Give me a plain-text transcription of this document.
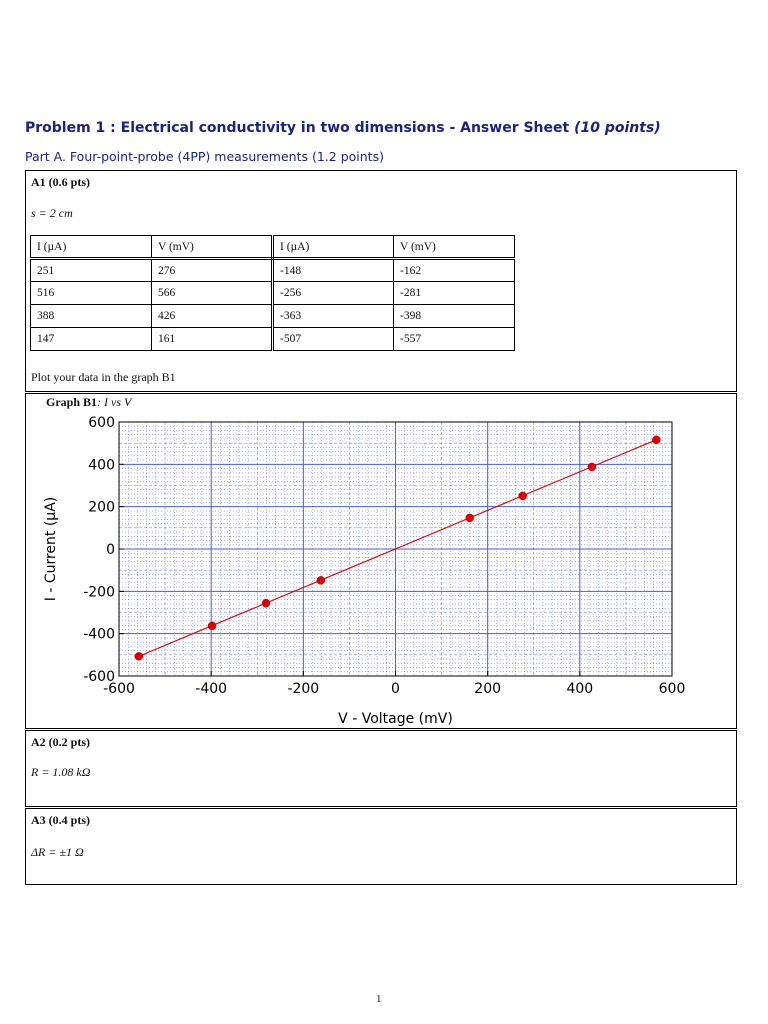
Problem 1 : Electrical conductivity in two dimensions - Answer Sheet (10 points)
Part A. Four-point-probe (4PP) measurements (1.2 points)
A1 (0.6 pts)
s = 2 cm
I (µA)	V (mV)	I (µA)	V (mV)
251	276	-148	-162
516	566	-256	-281
388	426	-363	-398
147	161	-507	-557
Plot your data in the graph B1
Graph B1: I vs V
-600	-400	-200	0	200	400	600
-600
-400
-200
0
200
400
600
V - Voltage (mV)
I - Current (µA)
A2 (0.2 pts)
R = 1.08 kΩ
A3 (0.4 pts)
ΔR = ±1 Ω
1
